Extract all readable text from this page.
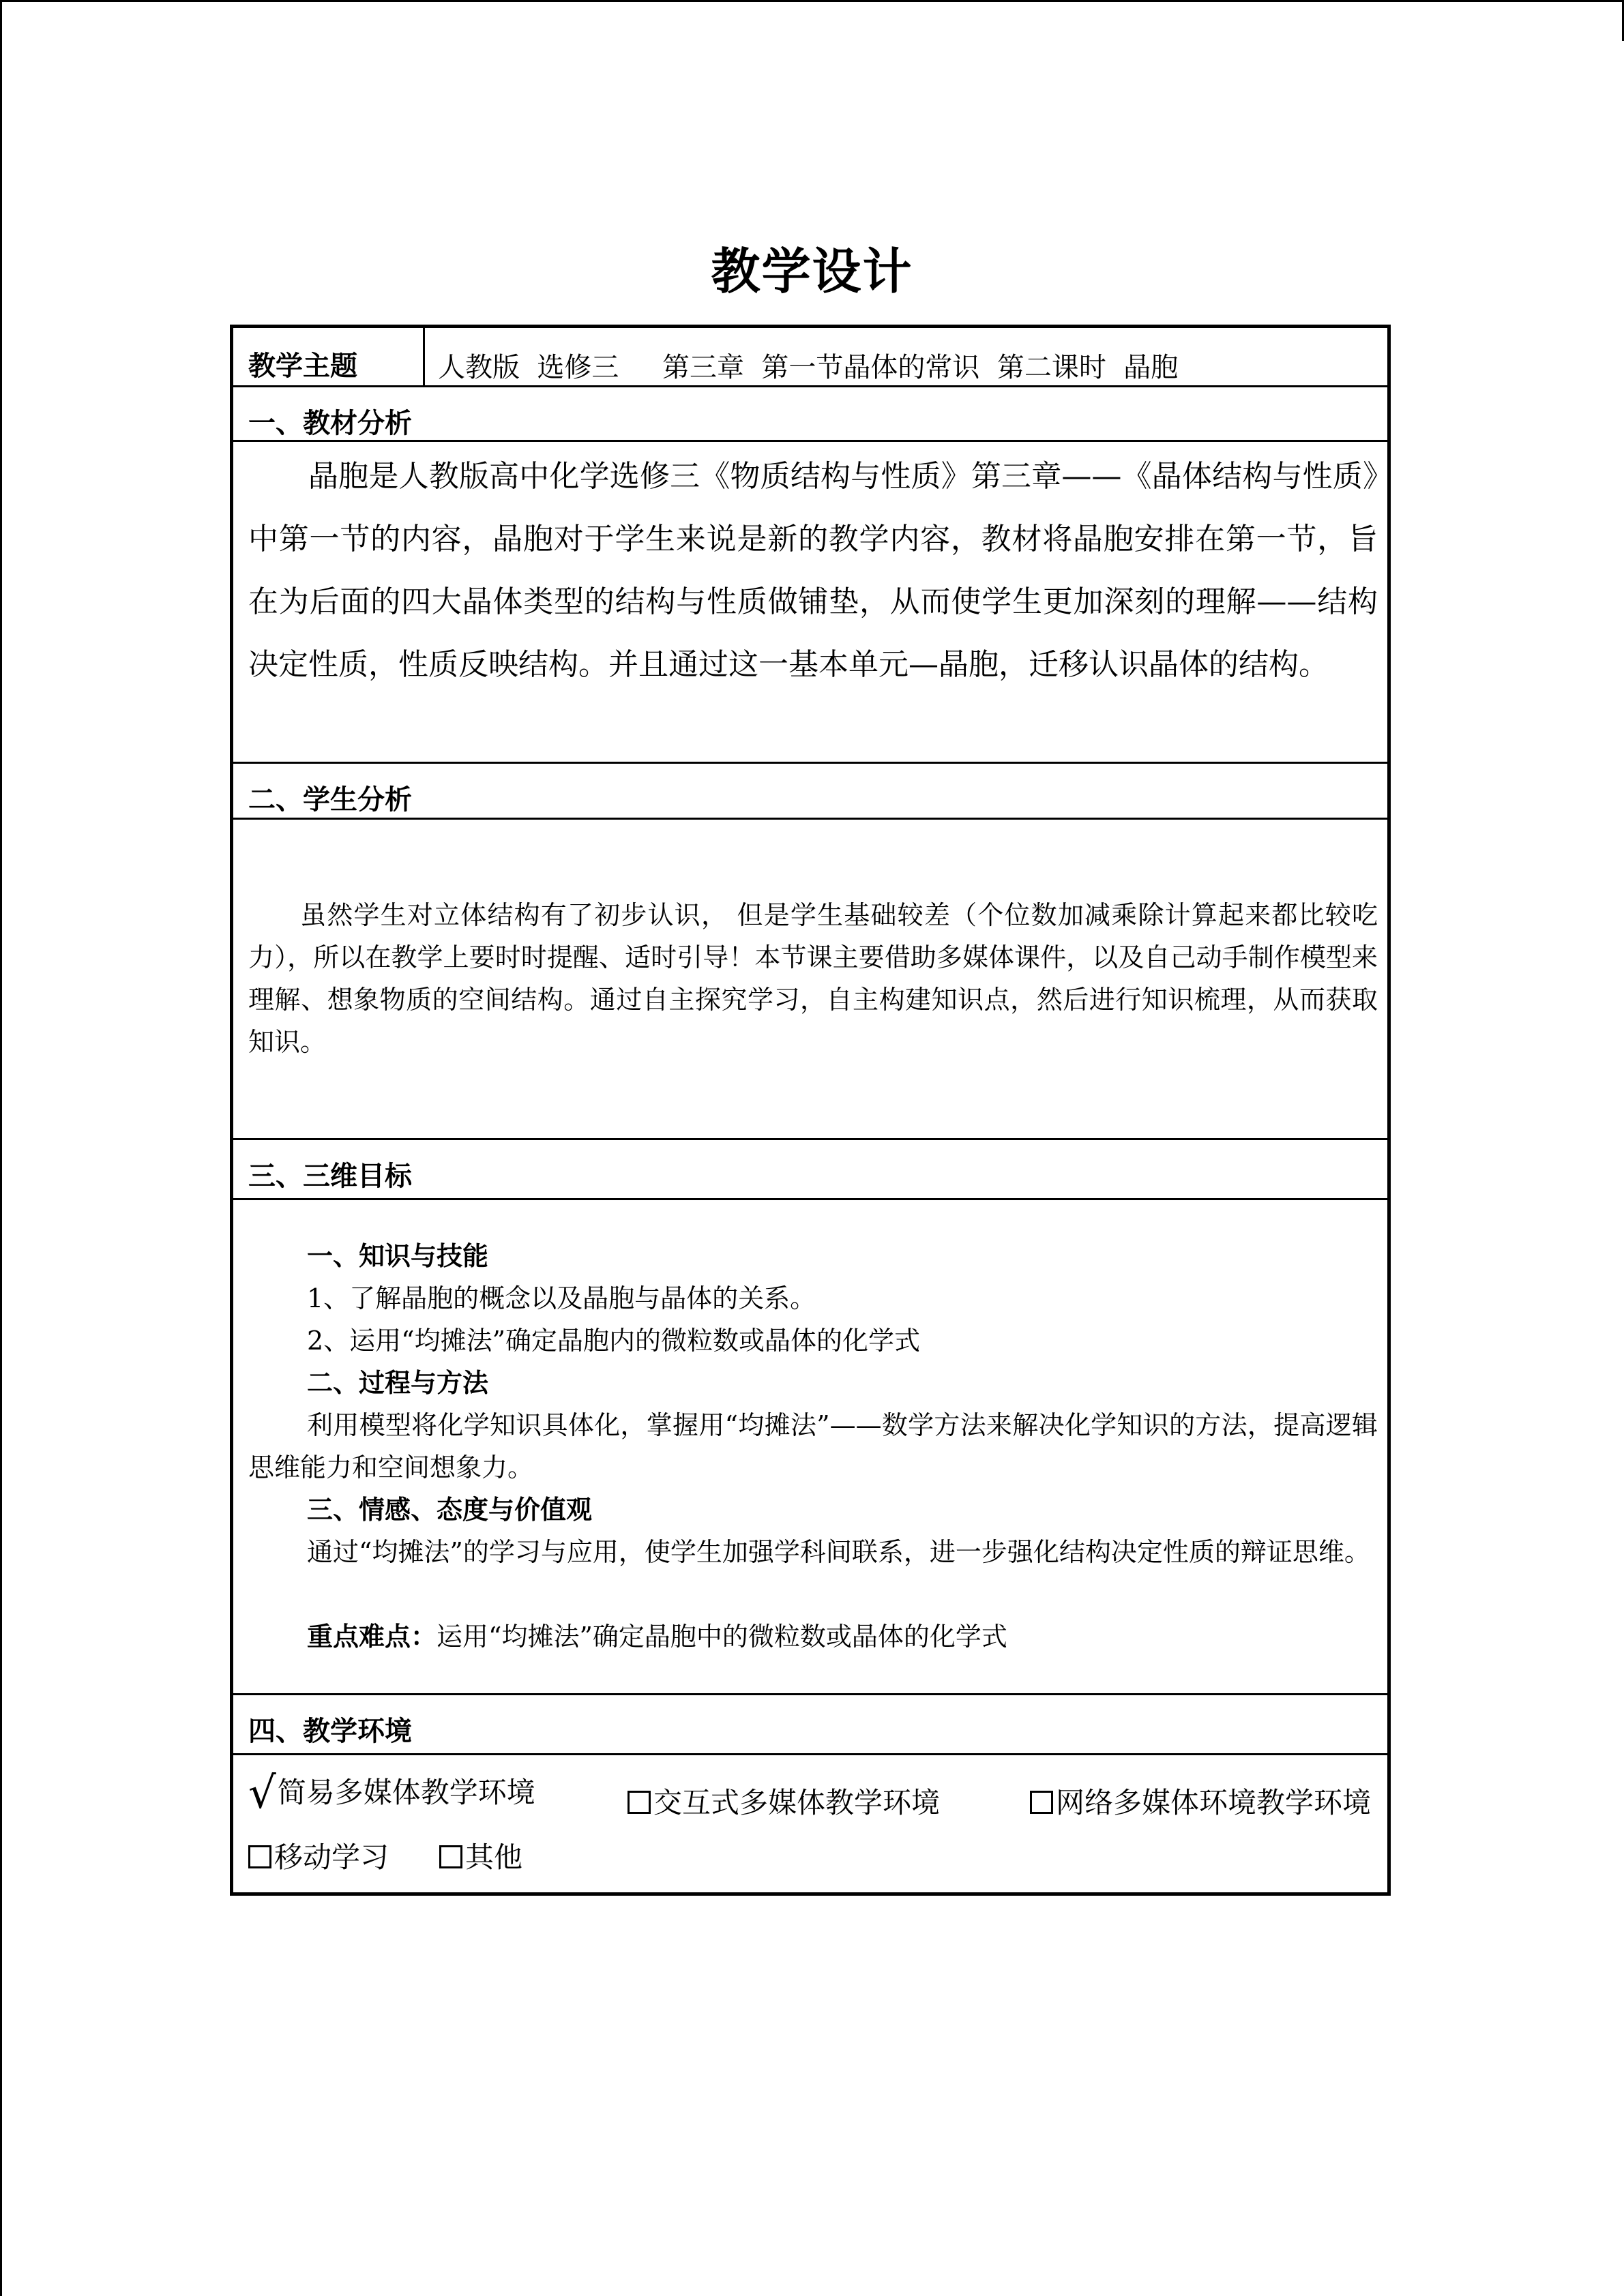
教学设计
教学主题	人教版  选修三     第三章  第一节晶体的常识  第二课时  晶胞
一、教材分析

晶胞是人教版高中化学选修三《物质结构与性质》第三章——《晶体结构与性质》中第一节的内容，晶胞对于学生来说是新的教学内容，教材将晶胞安排在第一节，旨在为后面的四大晶体类型的结构与性质做铺垫，从而使学生更加深刻的理解——结构决定性质，性质反映结构。并且通过这一基本单元—晶胞，迁移认识晶体的结构。

二、学生分析

虽然学生对立体结构有了初步认识， 但是学生基础较差（个位数加减乘除计算起来都比较吃力），所以在教学上要时时提醒、适时引导！本节课主要借助多媒体课件，以及自己动手制作模型来理解、想象物质的空间结构。通过自主探究学习，自主构建知识点，然后进行知识梳理，从而获取知识。

三、三维目标

一、知识与技能

1、了解晶胞的概念以及晶胞与晶体的关系。

2、运用“均摊法”确定晶胞内的微粒数或晶体的化学式

二、过程与方法

利用模型将化学知识具体化，掌握用“均摊法”——数学方法来解决化学知识的方法，提高逻辑思维能力和空间想象力。

三、情感、态度与价值观

通过“均摊法”的学习与应用，使学生加强学科间联系，进一步强化结构决定性质的辩证思维。

重点难点：运用“均摊法”确定晶胞中的微粒数或晶体的化学式

四、教学环境
√简易多媒体教学环境	交互式多媒体教学环境	网络多媒体环境教学环境
移动学习	其他
